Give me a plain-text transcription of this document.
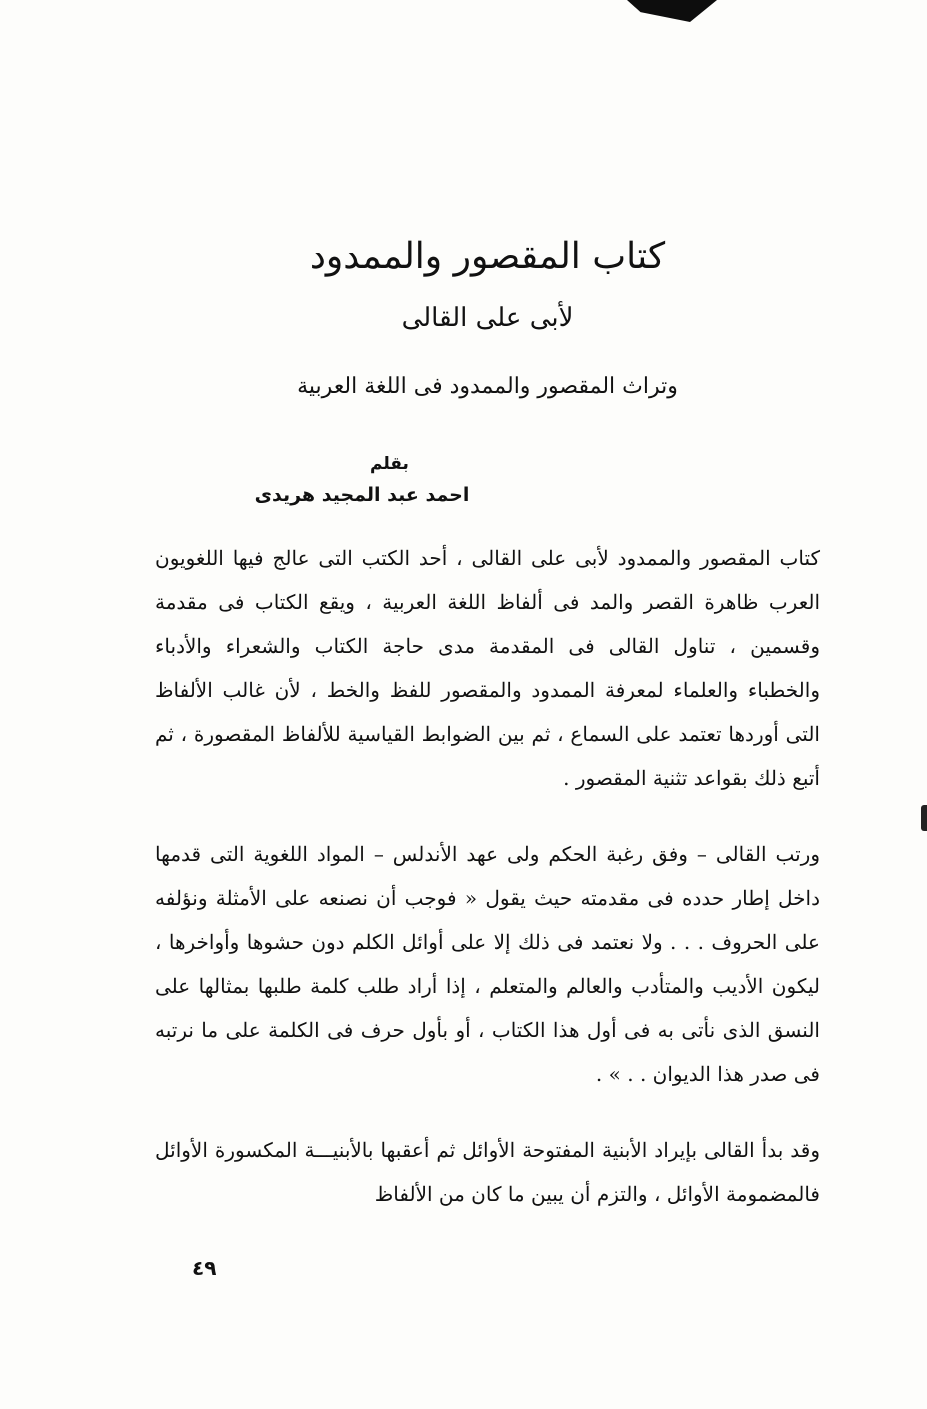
كتاب المقصور والممدود
لأبى على القالى
وتراث المقصور والممدود فى اللغة العربية
بقلم
احمد عبد المجيد هريدى

كتاب المقصور والممدود لأبى على القالى ، أحد الكتب التى عالج فيها اللغويون العرب ظاهرة القصر والمد فى ألفاظ اللغة العربية ، ويقع الكتاب فى مقدمة وقسمين ، تناول القالى فى المقدمة مدى حاجة الكتاب والشعراء والأدباء والخطباء والعلماء لمعرفة الممدود والمقصور للفظ والخط ، لأن غالب الألفاظ التى أوردها تعتمد على السماع ، ثم بين الضوابط القياسية للألفاظ المقصورة ، ثم أتبع ذلك بقواعد تثنية المقصور .

ورتب القالى – وفق رغبة الحكم ولى عهد الأندلس – المواد اللغوية التى قدمها داخل إطار حدده فى مقدمته حيث يقول « فوجب أن نصنعه على الأمثلة ونؤلفه على الحروف . . . ولا نعتمد فى ذلك إلا على أوائل الكلم دون حشوها وأواخرها ، ليكون الأديب والمتأدب والعالم والمتعلم ، إذا أراد طلب كلمة طلبها بمثالها على النسق الذى نأتى به فى أول هذا الكتاب ، أو بأول حرف فى الكلمة على ما نرتبه فى صدر هذا الديوان . . » .

وقد بدأ القالى بإيراد الأبنية المفتوحة الأوائل ثم أعقبها بالأبنيـــة المكسورة الأوائل فالمضمومة الأوائل ، والتزم أن يبين ما كان من الألفاظ

٤٩
